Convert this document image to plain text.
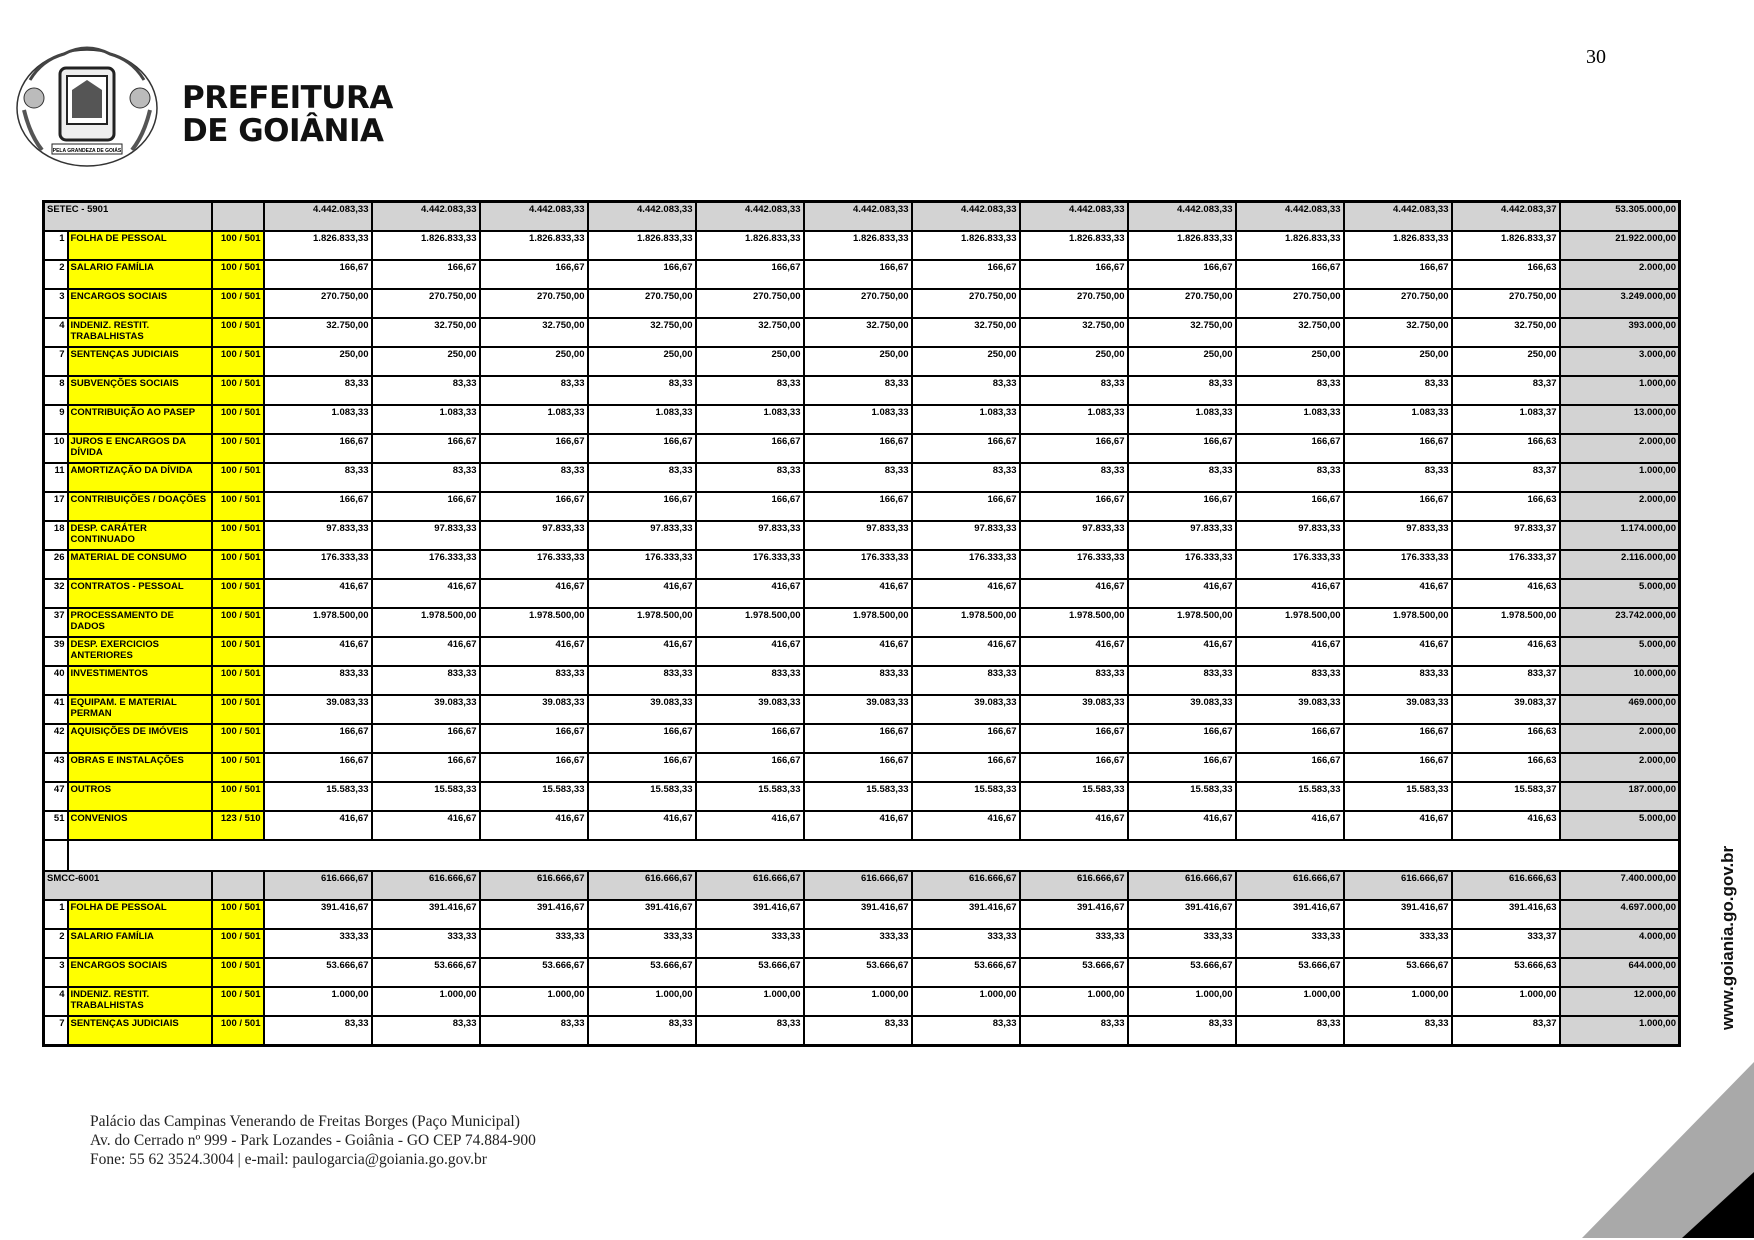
PELA GRANDEZA DE GOIÁS
PREFEITURA
DE GOIÂNIA
30
SETEC - 5901			4.442.083,33	4.442.083,33	4.442.083,33	4.442.083,33	4.442.083,33	4.442.083,33	4.442.083,33	4.442.083,33	4.442.083,33	4.442.083,33	4.442.083,33	4.442.083,37	53.305.000,00
1	FOLHA DE PESSOAL	100 / 501	1.826.833,33	1.826.833,33	1.826.833,33	1.826.833,33	1.826.833,33	1.826.833,33	1.826.833,33	1.826.833,33	1.826.833,33	1.826.833,33	1.826.833,33	1.826.833,37	21.922.000,00
2	SALARIO FAMÍLIA	100 / 501	166,67	166,67	166,67	166,67	166,67	166,67	166,67	166,67	166,67	166,67	166,67	166,63	2.000,00
3	ENCARGOS SOCIAIS	100 / 501	270.750,00	270.750,00	270.750,00	270.750,00	270.750,00	270.750,00	270.750,00	270.750,00	270.750,00	270.750,00	270.750,00	270.750,00	3.249.000,00
4	INDENIZ. RESTIT. TRABALHISTAS	100 / 501	32.750,00	32.750,00	32.750,00	32.750,00	32.750,00	32.750,00	32.750,00	32.750,00	32.750,00	32.750,00	32.750,00	32.750,00	393.000,00
7	SENTENÇAS JUDICIAIS	100 / 501	250,00	250,00	250,00	250,00	250,00	250,00	250,00	250,00	250,00	250,00	250,00	250,00	3.000,00
8	SUBVENÇÕES SOCIAIS	100 / 501	83,33	83,33	83,33	83,33	83,33	83,33	83,33	83,33	83,33	83,33	83,33	83,37	1.000,00
9	CONTRIBUIÇÃO AO PASEP	100 / 501	1.083,33	1.083,33	1.083,33	1.083,33	1.083,33	1.083,33	1.083,33	1.083,33	1.083,33	1.083,33	1.083,33	1.083,37	13.000,00
10	JUROS E ENCARGOS DA DÍVIDA	100 / 501	166,67	166,67	166,67	166,67	166,67	166,67	166,67	166,67	166,67	166,67	166,67	166,63	2.000,00
11	AMORTIZAÇÃO DA DÍVIDA	100 / 501	83,33	83,33	83,33	83,33	83,33	83,33	83,33	83,33	83,33	83,33	83,33	83,37	1.000,00
17	CONTRIBUIÇÕES / DOAÇÕES	100 / 501	166,67	166,67	166,67	166,67	166,67	166,67	166,67	166,67	166,67	166,67	166,67	166,63	2.000,00
18	DESP. CARÁTER CONTINUADO	100 / 501	97.833,33	97.833,33	97.833,33	97.833,33	97.833,33	97.833,33	97.833,33	97.833,33	97.833,33	97.833,33	97.833,33	97.833,37	1.174.000,00
26	MATERIAL DE CONSUMO	100 / 501	176.333,33	176.333,33	176.333,33	176.333,33	176.333,33	176.333,33	176.333,33	176.333,33	176.333,33	176.333,33	176.333,33	176.333,37	2.116.000,00
32	CONTRATOS - PESSOAL	100 / 501	416,67	416,67	416,67	416,67	416,67	416,67	416,67	416,67	416,67	416,67	416,67	416,63	5.000,00
37	PROCESSAMENTO DE DADOS	100 / 501	1.978.500,00	1.978.500,00	1.978.500,00	1.978.500,00	1.978.500,00	1.978.500,00	1.978.500,00	1.978.500,00	1.978.500,00	1.978.500,00	1.978.500,00	1.978.500,00	23.742.000,00
39	DESP. EXERCICIOS ANTERIORES	100 / 501	416,67	416,67	416,67	416,67	416,67	416,67	416,67	416,67	416,67	416,67	416,67	416,63	5.000,00
40	INVESTIMENTOS	100 / 501	833,33	833,33	833,33	833,33	833,33	833,33	833,33	833,33	833,33	833,33	833,33	833,37	10.000,00
41	EQUIPAM. E MATERIAL PERMAN	100 / 501	39.083,33	39.083,33	39.083,33	39.083,33	39.083,33	39.083,33	39.083,33	39.083,33	39.083,33	39.083,33	39.083,33	39.083,37	469.000,00
42	AQUISIÇÕES DE IMÓVEIS	100 / 501	166,67	166,67	166,67	166,67	166,67	166,67	166,67	166,67	166,67	166,67	166,67	166,63	2.000,00
43	OBRAS E INSTALAÇÕES	100 / 501	166,67	166,67	166,67	166,67	166,67	166,67	166,67	166,67	166,67	166,67	166,67	166,63	2.000,00
47	OUTROS	100 / 501	15.583,33	15.583,33	15.583,33	15.583,33	15.583,33	15.583,33	15.583,33	15.583,33	15.583,33	15.583,33	15.583,33	15.583,37	187.000,00
51	CONVENIOS	123 / 510	416,67	416,67	416,67	416,67	416,67	416,67	416,67	416,67	416,67	416,67	416,67	416,63	5.000,00

SMCC-6001			616.666,67	616.666,67	616.666,67	616.666,67	616.666,67	616.666,67	616.666,67	616.666,67	616.666,67	616.666,67	616.666,67	616.666,63	7.400.000,00
1	FOLHA DE PESSOAL	100 / 501	391.416,67	391.416,67	391.416,67	391.416,67	391.416,67	391.416,67	391.416,67	391.416,67	391.416,67	391.416,67	391.416,67	391.416,63	4.697.000,00
2	SALARIO FAMÍLIA	100 / 501	333,33	333,33	333,33	333,33	333,33	333,33	333,33	333,33	333,33	333,33	333,33	333,37	4.000,00
3	ENCARGOS SOCIAIS	100 / 501	53.666,67	53.666,67	53.666,67	53.666,67	53.666,67	53.666,67	53.666,67	53.666,67	53.666,67	53.666,67	53.666,67	53.666,63	644.000,00
4	INDENIZ. RESTIT. TRABALHISTAS	100 / 501	1.000,00	1.000,00	1.000,00	1.000,00	1.000,00	1.000,00	1.000,00	1.000,00	1.000,00	1.000,00	1.000,00	1.000,00	12.000,00
7	SENTENÇAS JUDICIAIS	100 / 501	83,33	83,33	83,33	83,33	83,33	83,33	83,33	83,33	83,33	83,33	83,33	83,37	1.000,00
Palácio das Campinas Venerando de Freitas Borges (Paço Municipal)
Av. do Cerrado nº 999 - Park Lozandes - Goiânia - GO CEP 74.884-900
Fone: 55 62 3524.3004 | e-mail: paulogarcia@goiania.go.gov.br
www.goiania.go.gov.br
